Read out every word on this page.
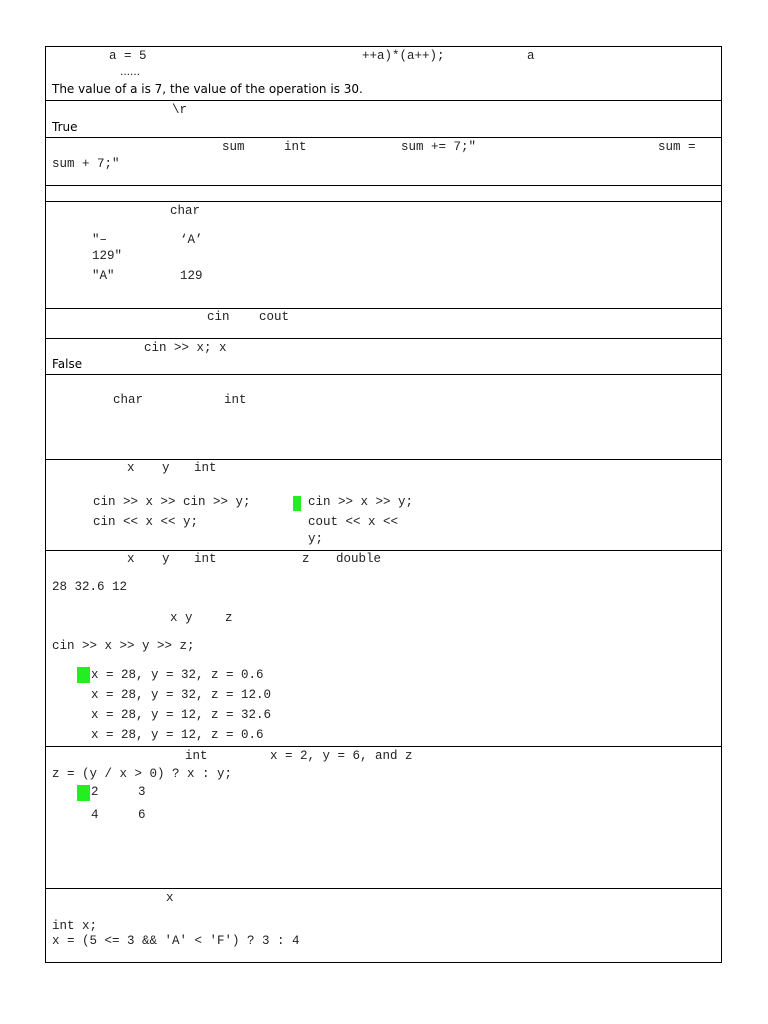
a = 5	++a)*(a++);	a
……
The value of a is 7, the value of the operation is 30.
\r
True
sum	int	sum += 7;"	sum =
sum + 7;"
char
"–	‘A’
129"
"A"	129
cin cout
cin >> x; x
False
char	int
x y int
cin >> x >> cin >> y;	cin >> x >> y;
cin << x << y;	cout << x <<
y;
x y int	z double
28 32.6 12
x y	z
cin >> x >> y >> z;
x = 28, y = 32, z = 0.6
x = 28, y = 32, z = 12.0
x = 28, y = 12, z = 32.6
x = 28, y = 12, z = 0.6
int	x = 2, y = 6, and z
z = (y / x > 0) ? x : y;
2	3
4	6
x
int x;
x = (5 <= 3 && 'A' < 'F') ? 3 : 4
